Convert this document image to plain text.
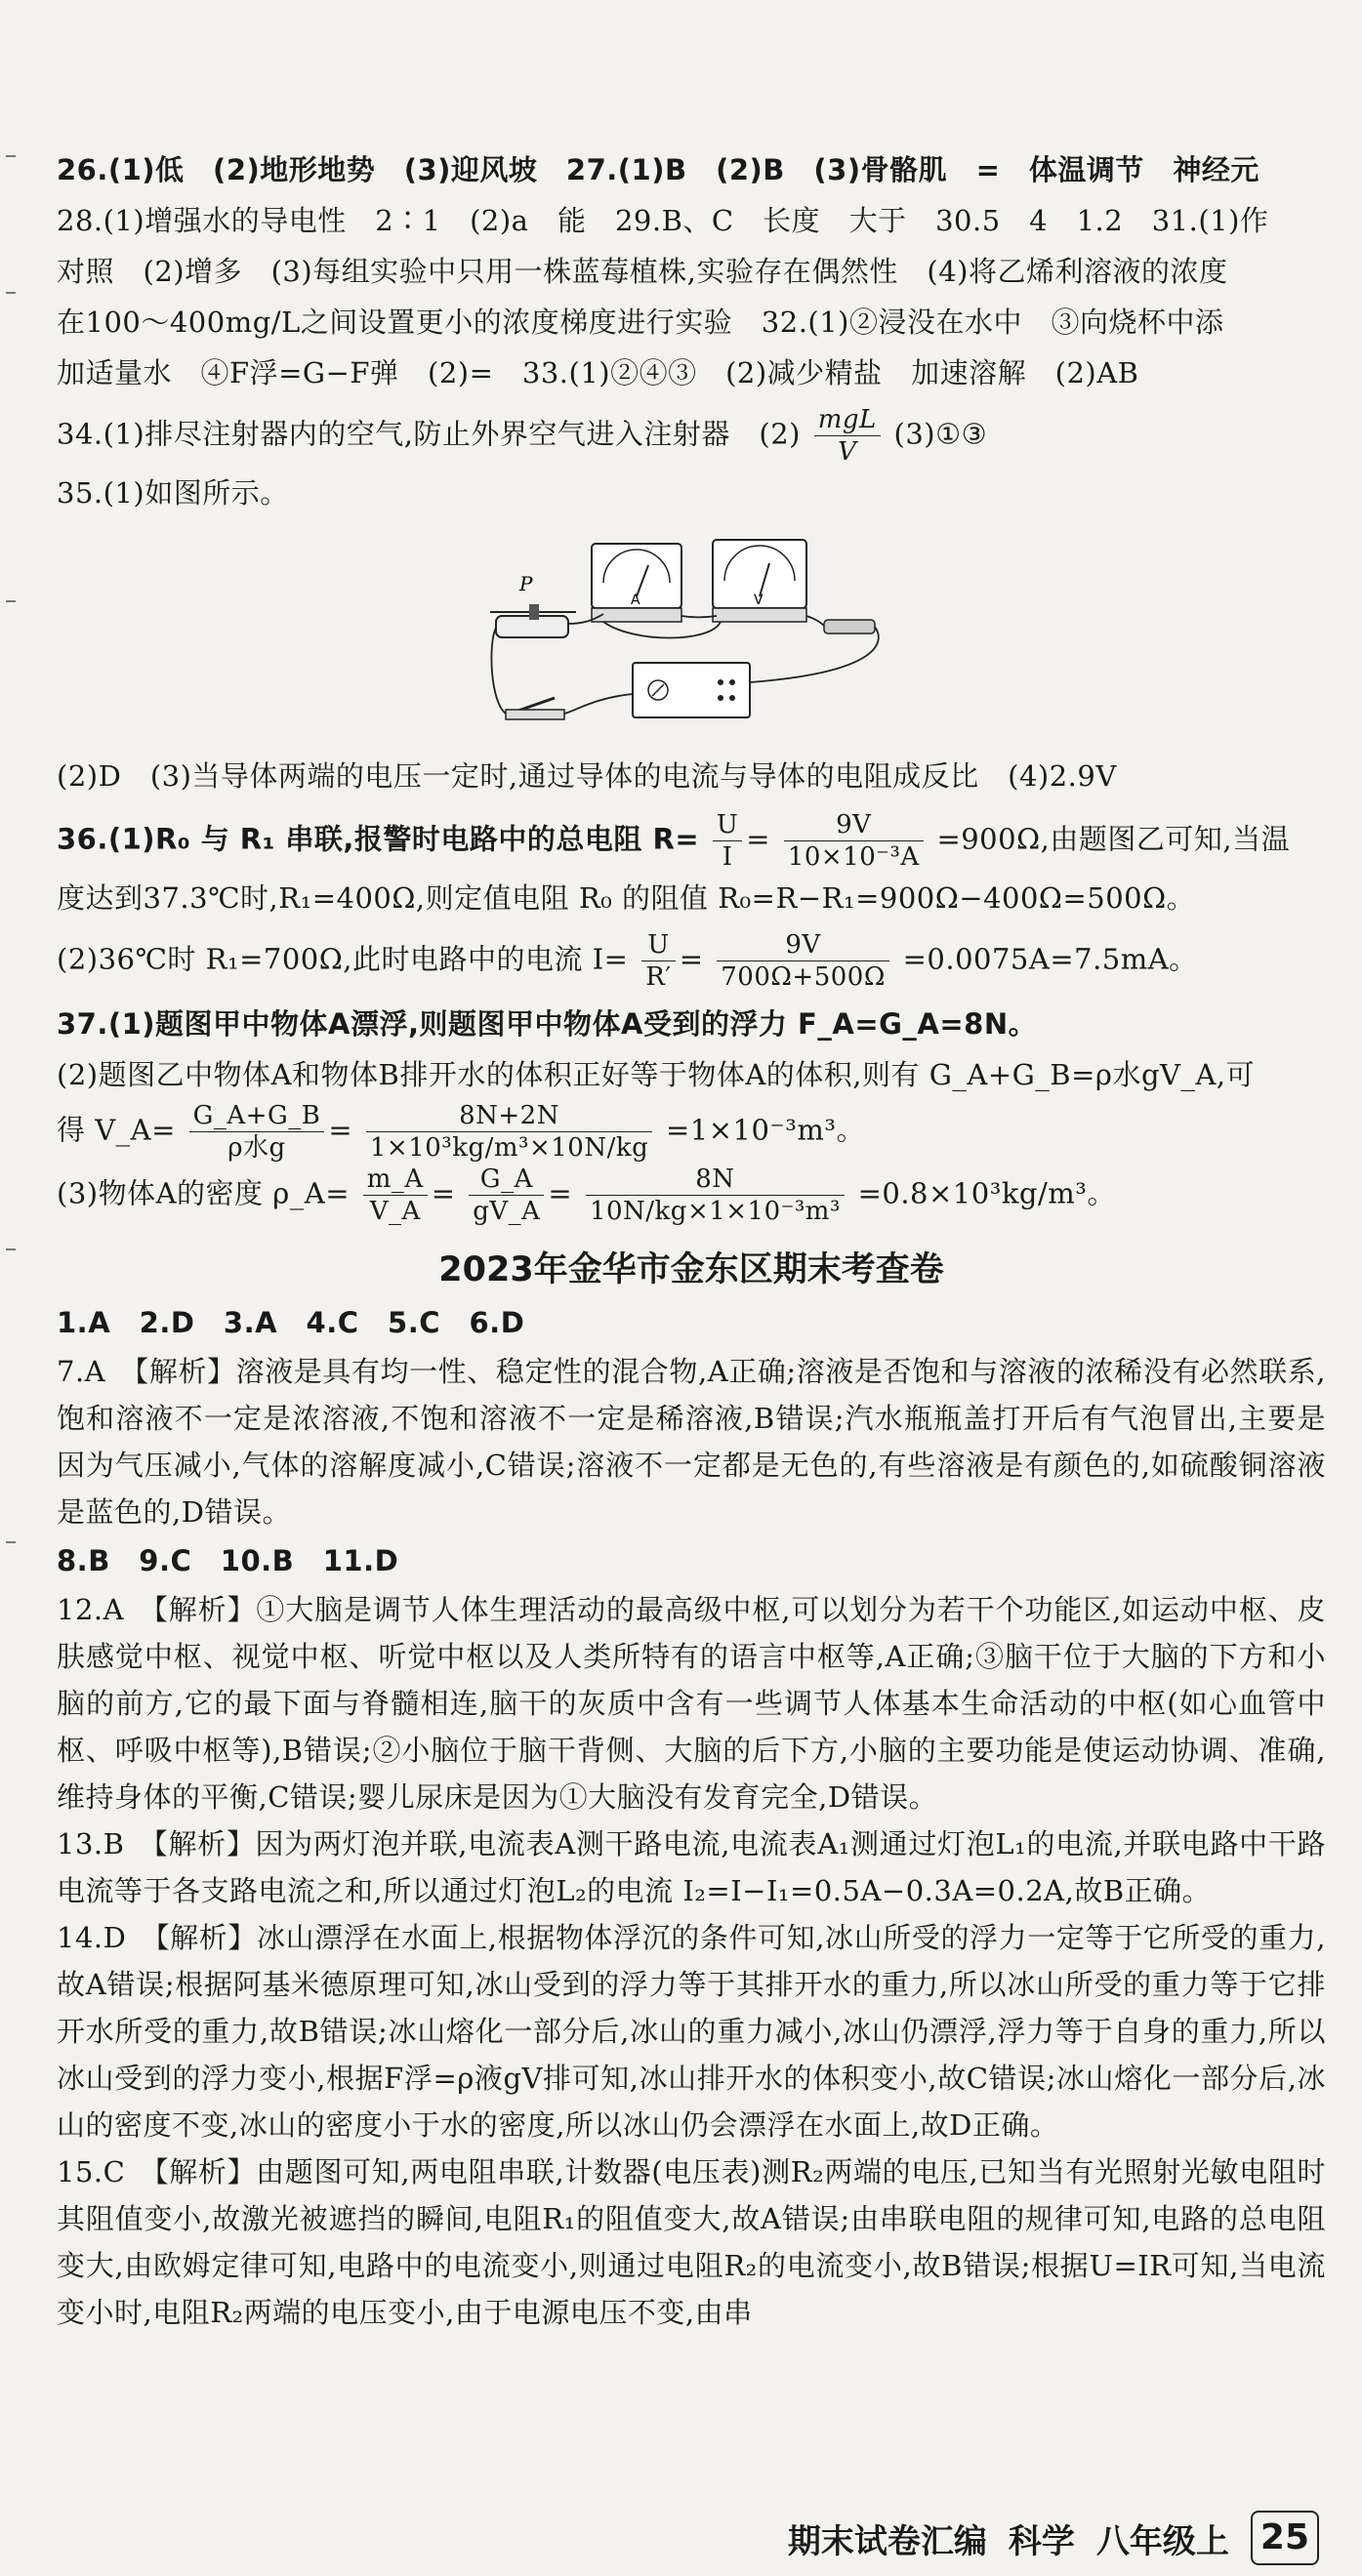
26.(1)低　(2)地形地势　(3)迎风坡　27.(1)B　(2)B　(3)骨骼肌　=　体温调节　神经元

28.(1)增强水的导电性　2∶1　(2)a　能　29.B、C　长度　大于　30.5　4　1.2　31.(1)作

对照　(2)增多　(3)每组实验中只用一株蓝莓植株,实验存在偶然性　(4)将乙烯利溶液的浓度

在100～400mg/L之间设置更小的浓度梯度进行实验　32.(1)②浸没在水中　③向烧杯中添

加适量水　④F浮=G−F弹　(2)=　33.(1)②④③　(2)减少精盐　加速溶解　(2)AB

34.(1)排尽注射器内的空气,防止外界空气进入注射器　$(2) \frac{\text{mgL}}{V}$ (3)①③

35.(1)如图所示。

A	V
P

(2)D　(3)当导体两端的电压一定时,通过导体的电流与导体的电阻成反比　(4)2.9V

36.(1)R₀ 与 R₁ 串联,报警时电路中的总电阻 $R= \frac{U}{I} = \frac{9V}{\text{10×10⁻³A}} =900\Omega$,由题图乙可知,当温

度达到37.3℃时,R₁=400Ω,则定值电阻 R₀ 的阻值 R₀=R−R₁=900Ω−400Ω=500Ω。

(2)36℃时 R₁=700Ω,此时电路中的电流 $I= \frac{U}{R'} = \frac{9V}{700\Omega+500\Omega} =0.0075A=7.5mA$。

37.(1)题图甲中物体A漂浮,则题图甲中物体A受到的浮力 F_A=G_A=8N。

(2)题图乙中物体A和物体B排开水的体积正好等于物体A的体积,则有 G_A+G_B=ρ水gV_A,可

得 V_A= $\frac{G\_A+G\_B}{\text{ρ水g}} = \frac{8N+2N}{\text{1×10³kg/m³×10N/kg}} =1\times 10^{-3}m^3$。

(3)物体A的密度 ρ_A= $\frac{m\_A}{V\_A} = \frac{G\_A}{gV\_A} = \frac{8N}{\text{10N/kg×1×10⁻³m³}} =0.8\times 10^3kg/m^3$。

2023年金华市金东区期末考查卷

1.A　2.D　3.A　4.C　5.C　6.D

7.A　【解析】溶液是具有均一性、稳定性的混合物,A正确;溶液是否饱和与溶液的浓稀没有必然联系,饱和溶液不一定是浓溶液,不饱和溶液不一定是稀溶液,B错误;汽水瓶瓶盖打开后有气泡冒出,主要是因为气压减小,气体的溶解度减小,C错误;溶液不一定都是无色的,有些溶液是有颜色的,如硫酸铜溶液是蓝色的,D错误。

8.B　9.C　10.B　11.D

12.A　【解析】①大脑是调节人体生理活动的最高级中枢,可以划分为若干个功能区,如运动中枢、皮肤感觉中枢、视觉中枢、听觉中枢以及人类所特有的语言中枢等,A正确;③脑干位于大脑的下方和小脑的前方,它的最下面与脊髓相连,脑干的灰质中含有一些调节人体基本生命活动的中枢(如心血管中枢、呼吸中枢等),B错误;②小脑位于脑干背侧、大脑的后下方,小脑的主要功能是使运动协调、准确,维持身体的平衡,C错误;婴儿尿床是因为①大脑没有发育完全,D错误。

13.B　【解析】因为两灯泡并联,电流表A测干路电流,电流表A₁测通过灯泡L₁的电流,并联电路中干路电流等于各支路电流之和,所以通过灯泡L₂的电流 I₂=I−I₁=0.5A−0.3A=0.2A,故B正确。

14.D　【解析】冰山漂浮在水面上,根据物体浮沉的条件可知,冰山所受的浮力一定等于它所受的重力,故A错误;根据阿基米德原理可知,冰山受到的浮力等于其排开水的重力,所以冰山所受的重力等于它排开水所受的重力,故B错误;冰山熔化一部分后,冰山的重力减小,冰山仍漂浮,浮力等于自身的重力,所以冰山受到的浮力变小,根据F浮=ρ液gV排可知,冰山排开水的体积变小,故C错误;冰山熔化一部分后,冰山的密度不变,冰山的密度小于水的密度,所以冰山仍会漂浮在水面上,故D正确。

15.C　【解析】由题图可知,两电阻串联,计数器(电压表)测R₂两端的电压,已知当有光照射光敏电阻时其阻值变小,故激光被遮挡的瞬间,电阻R₁的阻值变大,故A错误;由串联电阻的规律可知,电路的总电阻变大,由欧姆定律可知,电路中的电流变小,则通过电阻R₂的电流变小,故B错误;根据U=IR可知,当电流变小时,电阻R₂两端的电压变小,由于电源电压不变,由串

期末试卷汇编 科学 八年级上 25
